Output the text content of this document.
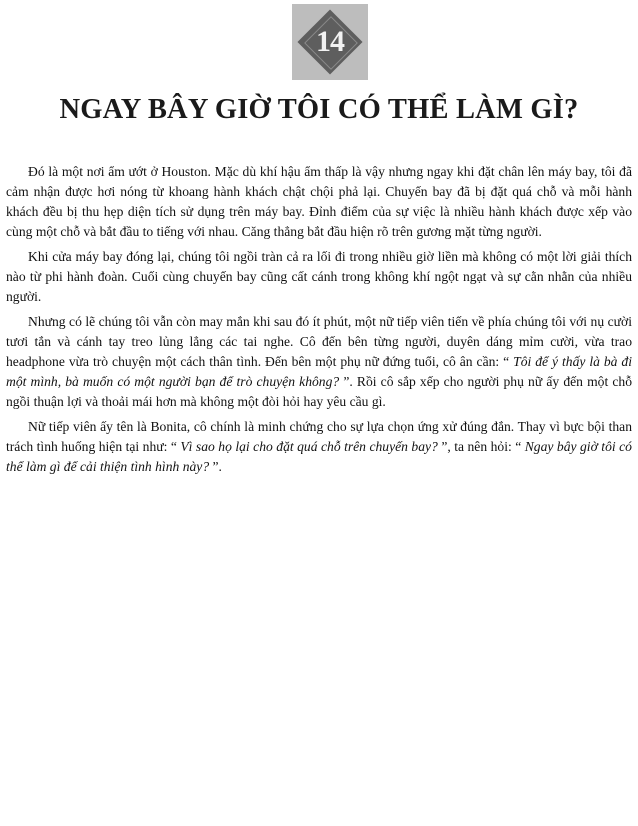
14
NGAY BÂY GIỜ TÔI CÓ THỂ LÀM GÌ?

Đó là một nơi ẩm ướt ở Houston. Mặc dù khí hậu ẩm thấp là vậy nhưng ngay khi đặt chân lên máy bay, tôi đã cảm nhận được hơi nóng từ khoang hành khách chật chội phả lại. Chuyến bay đã bị đặt quá chỗ và mỗi hành khách đều bị thu hẹp diện tích sử dụng trên máy bay. Đỉnh điểm của sự việc là nhiều hành khách được xếp vào cùng một chỗ và bắt đầu to tiếng với nhau. Căng thẳng bắt đầu hiện rõ trên gương mặt từng người.

Khi cửa máy bay đóng lại, chúng tôi ngồi tràn cả ra lối đi trong nhiều giờ liền mà không có một lời giải thích nào từ phi hành đoàn. Cuối cùng chuyến bay cũng cất cánh trong không khí ngột ngạt và sự cằn nhằn của nhiều người.

Nhưng có lẽ chúng tôi vẫn còn may mắn khi sau đó ít phút, một nữ tiếp viên tiến về phía chúng tôi với nụ cười tươi tắn và cánh tay treo lủng lẳng các tai nghe. Cô đến bên từng người, duyên dáng mỉm cười, vừa trao headphone vừa trò chuyện một cách thân tình. Đến bên một phụ nữ đứng tuổi, cô ân cần: “ Tôi để ý thấy là bà đi một mình, bà muốn có một người bạn để trò chuyện không? ”. Rồi cô sắp xếp cho người phụ nữ ấy đến một chỗ ngồi thuận lợi và thoải mái hơn mà không một đòi hỏi hay yêu cầu gì.

Nữ tiếp viên ấy tên là Bonita, cô chính là minh chứng cho sự lựa chọn ứng xử đúng đắn. Thay vì bực bội than trách tình huống hiện tại như: “ Vì sao họ lại cho đặt quá chỗ trên chuyến bay? ”, ta nên hỏi: “ Ngay bây giờ tôi có thể làm gì để cải thiện tình hình này? ”.
